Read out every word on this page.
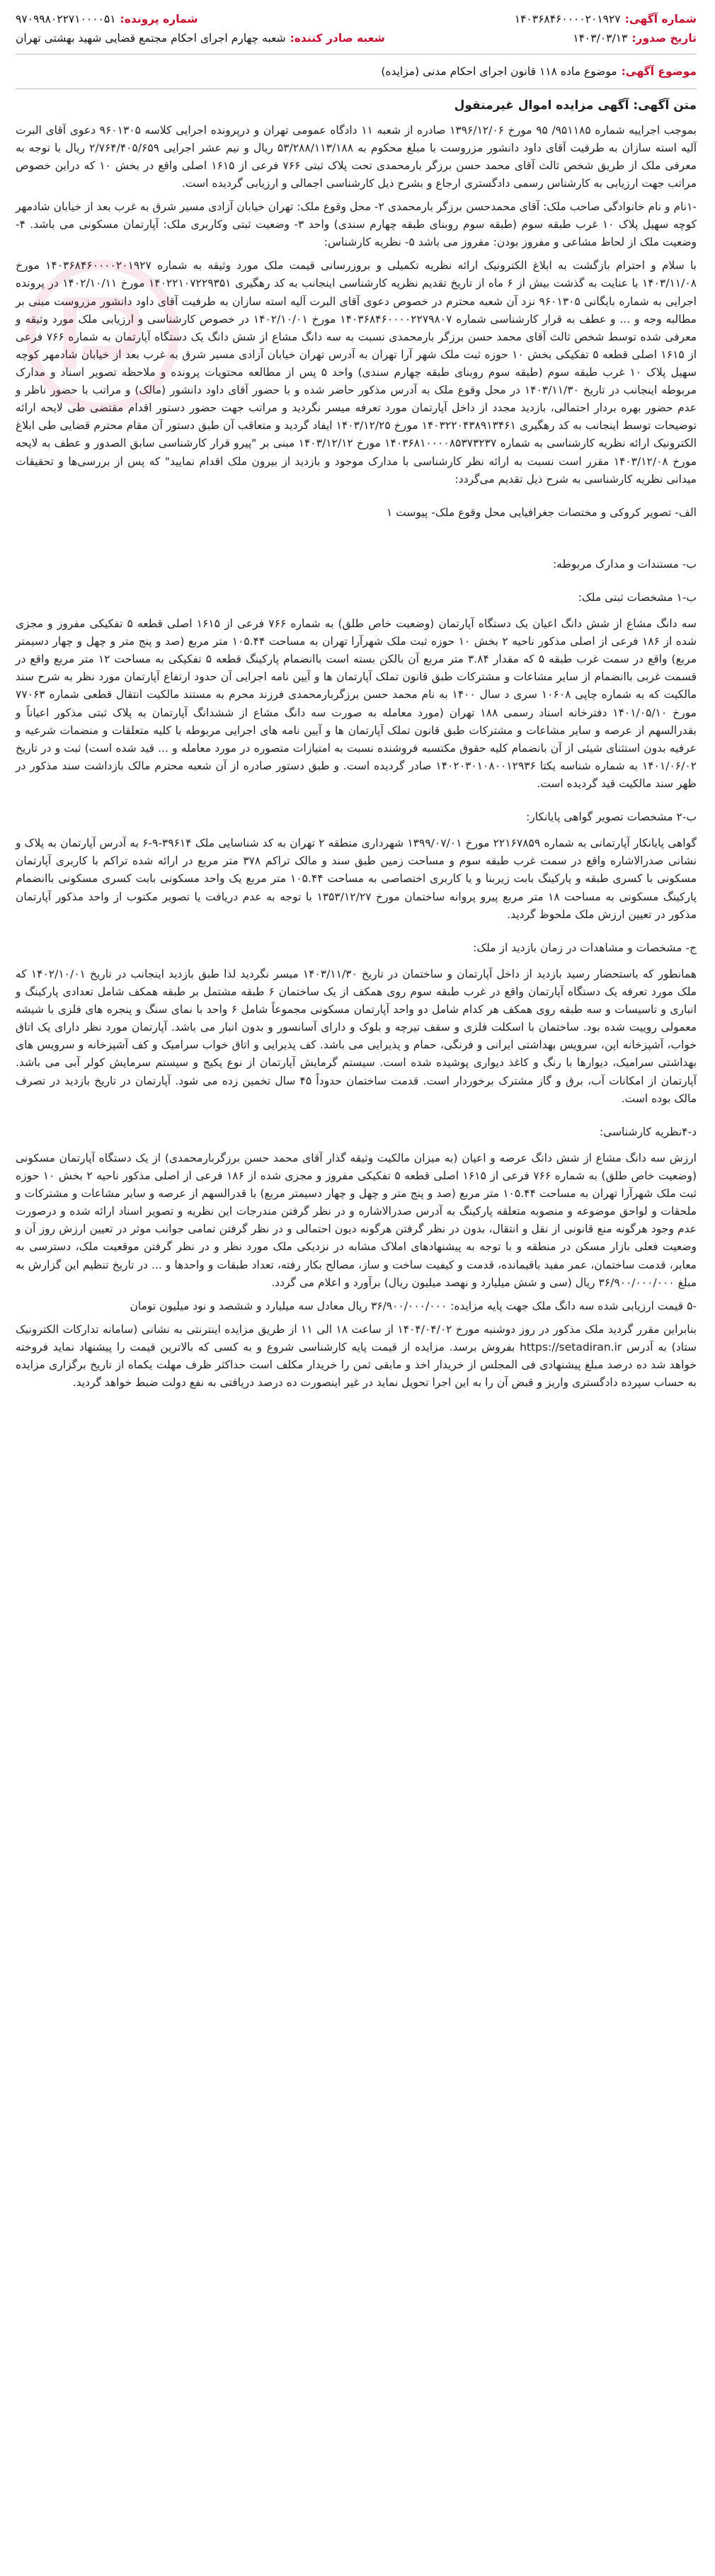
شماره آگهی:
۱۴۰۳۶۸۴۶۰۰۰۰۲۰۱۹۲۷
شماره پرونده:
۹۷۰۹۹۸۰۲۲۷۱۰۰۰۰۵۱
تاریخ صدور:
۱۴۰۳/۰۳/۱۳
شعبه صادر کننده:
شعبه چهارم اجرای احکام مجتمع قضایی شهید بهشتی تهران
موضوع آگهی:
موضوع ماده ۱۱۸ قانون اجرای احکام مدنی (مزایده)
متن آگهی: آگهی مزایده اموال غیرمنقول

بموجب اجراییه شماره ۹۵۱۱۸۵/ ۹۵ مورخ ۱۳۹۶/۱۲/۰۶ صادره از شعبه ۱۱ دادگاه عمومی تهران و درپرونده اجرایی کلاسه ۹۶۰۱۳۰۵ دعوی آقای البرت آلیه استه سازان به طرفیت آقای داود دانشور مزروست با مبلغ محکوم به ۵۳/۲۸۸/۱۱۳/۱۸۸ ریال و نیم عشر اجرایی ۲/۷۶۴/۴۰۵/۶۵۹ ریال با توجه به معرفی ملک از طریق شخص ثالث آقای محمد حسن برزگر بارمحمدی تحت پلاک ثبتی ۷۶۶ فرعی از ۱۶۱۵ اصلی واقع در بخش ۱۰ که دراین خصوص مراتب جهت ارزیابی به کارشناس رسمی دادگستری ارجاع و بشرح ذیل کارشناسی اجمالی و ارزیابی گردیده است.

-۱نام و نام خانوادگی صاحب ملک: آقای محمدحسن برزگر بارمحمدی ۲- محل وقوع ملک: تهران خیابان آزادی مسیر شرق به غرب بعد از خیابان شادمهر کوچه سهیل پلاک ۱۰ غرب طبقه سوم (طبقه سوم روبنای طبقه چهارم سندی) واحد ۳- وضعیت ثبتی وکاربری ملک: آپارتمان مسکونی می باشد. ۴- وضعیت ملک از لحاظ مشاعی و مفروز بودن: مفروز می باشد ۵- نظریه کارشناس:

با سلام و احترام بازگشت به ابلاغ الکترونیک ارائه نظریه تکمیلی و بروزرسانی قیمت ملک مورد وثیقه به شماره ۱۴۰۳۶۸۴۶۰۰۰۰۲۰۱۹۲۷ مورخ ۱۴۰۳/۱۱/۰۸ با عنایت به گذشت بیش از ۶ ماه از تاریخ تقدیم نظریه کارشناسی اینجانب به کد رهگیری ۱۴۰۲۲۱۰۷۲۲۹۳۵۱ مورخ ۱۴۰۲/۱۰/۱۱ در پرونده اجرایی به شماره بایگانی ۹۶۰۱۳۰۵ نزد آن شعبه محترم در خصوص دعوی آقای البرت آلیه استه سازان به طرفیت آقای داود دانشور مزروست مبنی بر مطالبه وجه و ... و عطف به قرار کارشناسی شماره ۱۴۰۳۶۸۴۶۰۰۰۰۲۲۷۹۸۰۷ مورخ ۱۴۰۲/۱۰/۰۱ در خصوص کارشناسی و ارزیابی ملک مورد وثیقه و معرفی شده توسط شخص ثالث آقای محمد حسن برزگر بارمحمدی نسبت به سه دانگ مشاع از شش دانگ یک دستگاه آپارتمان به شماره ۷۶۶ فرعی از ۱۶۱۵ اصلی قطعه ۵ تفکیکی بخش ۱۰ حوزه ثبت ملک شهر آرا تهران به آدرس تهران خیابان آزادی مسیر شرق به غرب بعد از خیابان شادمهر کوچه سهیل پلاک ۱۰ غرب طبقه سوم (طبقه سوم روبنای طبقه چهارم سندی) واحد ۵ پس از مطالعه محتویات پرونده و ملاحظه تصویر اسناد و مدارک مربوطه اینجانب در تاریخ ۱۴۰۳/۱۱/۳۰ در محل وقوع ملک به آدرس مذکور حاضر شده و با حضور آقای داود دانشور (مالک) و مراتب با حضور ناظر و عدم حضور بهره بردار احتمالی، بازدید مجدد از داخل آپارتمان مورد تعرفه میسر نگردید و مراتب جهت حضور دستور اقدام مقتضی طی لایحه ارائه توضیحات توسط اینجانب به کد رهگیری ۱۴۰۳۲۲۰۴۳۸۹۱۳۴۶۱ مورخ ۱۴۰۳/۱۲/۲۵ ایفاد گردید و متعاقب آن طبق دستور آن مقام محترم قضایی طی ابلاغ الکترونیک ارائه نظریه کارشناسی به شماره ۱۴۰۳۶۸۱۰۰۰۰۸۵۳۷۳۲۳۷ مورخ ۱۴۰۳/۱۲/۱۲ مبنی بر "پیرو قرار کارشناسی سابق الصدور و عطف به لایحه مورخ ۱۴۰۳/۱۲/۰۸ مقرر است نسبت به ارائه نظر کارشناسی با مدارک موجود و بازدید از بیرون ملک اقدام نمایید" که پس از بررسی‌ها و تحقیقات میدانی نظریه کارشناسی به شرح ذیل تقدیم می‌گردد:

الف- تصویر کروکی و مختصات جغرافیایی محل وقوع ملک- پیوست ۱
ب- مستندات و مدارک مربوطه:
ب-۱ مشخصات ثبتی ملک:

سه دانگ مشاع از شش دانگ اعیان یک دستگاه آپارتمان (وضعیت خاص طلق) به شماره ۷۶۶ فرعی از ۱۶۱۵ اصلی قطعه ۵ تفکیکی مفروز و مجزی شده از ۱۸۶ فرعی از اصلی مذکور ناحیه ۲ بخش ۱۰ حوزه ثبت ملک شهرآرا تهران به مساحت ۱۰۵.۴۴ متر مربع (صد و پنج متر و چهل و چهار دسیمتر مربع) واقع در سمت غرب طبقه ۵ که مقدار ۳.۸۴ متر مربع آن بالکن بسته است باانضمام پارکینگ قطعه ۵ تفکیکی به مساحت ۱۲ متر مربع واقع در قسمت غربی باانضمام از سایر مشاعات و مشترکات طبق قانون تملک آپارتمان ها و آیین نامه اجرایی آن حدود ارتفاع آپارتمان مورد نظر به شرح سند مالکیت که به شماره چاپی ۱۰۶۰۸ سری د سال ۱۴۰۰ به نام محمد حسن برزگربارمحمدی فرزند محرم به مستند مالکیت انتقال قطعی شماره ۷۷۰۶۳ مورخ ۱۴۰۱/۰۵/۱۰ دفترخانه اسناد رسمی ۱۸۸ تهران (مورد معامله به صورت سه دانگ مشاع از ششدانگ آپارتمان به پلاک ثبتی مذکور اعیاناً و بقدرالسهم از عرصه و سایر مشاعات و مشترکات طبق قانون تملک آپارتمان ها و آیین نامه های اجرایی مربوطه با کلیه متعلقات و منضمات شرعیه و عرفیه بدون استثنای شیئی از آن بانضمام کلیه حقوق مکتسبه فروشنده نسبت به امتیازات متصوره در مورد معامله و ... قید شده است) ثبت و در تاریخ ۱۴۰۱/۰۶/۰۲ به شماره شناسه یکتا ۱۴۰۲۰۳۰۱۰۸۰۰۱۲۹۳۶ صادر گردیده است. و طبق دستور صادره از آن شعبه محترم مالک بازداشت سند مذکور در ظهر سند مالکیت قید گردیده است.

ب-۲ مشخصات تصویر گواهی پایانکار:

گواهی پایانکار آپارتمانی به شماره ۲۲۱۶۷۸۵۹ مورخ ۱۳۹۹/۰۷/۰۱ شهرداری منطقه ۲ تهران به کد شناسایی ملک ۳۹۶۱۴-۹-۶ به آدرس آپارتمان به پلاک و نشانی صدرالاشاره واقع در سمت غرب طبقه سوم و مساحت زمین طبق سند و مالک تراکم ۳۷۸ متر مربع در ارائه شده تراکم با کاربری آپارتمان مسکونی با کسری طبقه و پارکینگ بابت زیربنا و یا کاربری اختصاصی به مساحت ۱۰۵.۴۴ متر مربع یک واحد مسکونی بابت کسری مسکونی باانضمام پارکینگ مسکونی به مساحت ۱۸ متر مربع پیرو پروانه ساختمان مورخ ۱۳۵۳/۱۲/۲۷ با توجه به عدم دریافت یا تصویر مکتوب از واحد مذکور آپارتمان مذکور در تعیین ارزش ملک ملحوظ گردید.

ج- مشخصات و مشاهدات در زمان بازدید از ملک:

همانطور که باستحضار رسید بازدید از داخل آپارتمان و ساختمان در تاریخ ۱۴۰۳/۱۱/۳۰ میسر نگردید لذا طبق بازدید اینجانب در تاریخ ۱۴۰۲/۱۰/۰۱ که ملک مورد تعرفه یک دستگاه آپارتمان واقع در غرب طبقه سوم روی همکف از یک ساختمان ۶ طبقه مشتمل بر طبقه همکف شامل تعدادی پارکینگ و انباری و تاسیسات و سه طبقه روی همکف هر کدام شامل دو واحد آپارتمان مسکونی مجموعاً شامل ۶ واحد با نمای سنگ و پنجره های فلزی با شیشه معمولی روییت شده بود. ساختمان با اسکلت فلزی و سقف تیرچه و بلوک و دارای آسانسور و بدون انبار می باشد. آپارتمان مورد نظر دارای یک اتاق خواب، آشپزخانه اپن، سرویس بهداشتی ایرانی و فرنگی، حمام و پذیرایی می باشد. کف پذیرایی و اتاق خواب سرامیک و کف آشپزخانه و سرویس های بهداشتی سرامیک، دیوارها با رنگ و کاغذ دیواری پوشیده شده است. سیستم گرمایش آپارتمان از نوع پکیج و سیستم سرمایش کولر آبی می باشد. آپارتمان از امکانات آب، برق و گاز مشترک برخوردار است. قدمت ساختمان حدوداً ۴۵ سال تخمین زده می شود. آپارتمان در تاریخ بازدید در تصرف مالک بوده است.

د-۴نظریه کارشناسی:

ارزش سه دانگ مشاع از شش دانگ عرصه و اعیان (به میزان مالکیت وثیقه گذار آقای محمد حسن برزگربارمحمدی) از یک دستگاه آپارتمان مسکونی (وضعیت خاص طلق) به شماره ۷۶۶ فرعی از ۱۶۱۵ اصلی قطعه ۵ تفکیکی مفروز و مجزی شده از ۱۸۶ فرعی از اصلی مذکور ناحیه ۲ بخش ۱۰ حوزه ثبت ملک شهرآرا تهران به مساحت ۱۰۵.۴۴ متر مربع (صد و پنج متر و چهل و چهار دسیمتر مربع) با قدرالسهم از عرصه و سایر مشاعات و مشترکات و ملحقات و لواحق موضوعه و منصوبه متعلقه پارکینگ به آدرس صدرالاشاره و در نظر گرفتن مندرجات این نظریه و تصویر اسناد ارائه شده و درصورت عدم وجود هرگونه منع قانونی از نقل و انتقال، بدون در نظر گرفتن هرگونه دیون احتمالی و در نظر گرفتن تمامی جوانب موثر در تعیین ارزش روز آن و وضعیت فعلی بازار مسکن در منطقه و با توجه به پیشنهادهای املاک مشابه در نزدیکی ملک مورد نظر و در نظر گرفتن موقعیت ملک، دسترسی به معابر، قدمت ساختمان، عمر مفید باقیمانده، قدمت و کیفیت ساخت و ساز، مصالح بکار رفته، تعداد طبقات و واحدها و ... در تاریخ تنظیم این گزارش به مبلغ ۳۶/۹۰۰/۰۰۰/۰۰۰ ریال (سی و شش میلیارد و نهصد میلیون ریال) برآورد و اعلام می گردد.

-۵ قیمت ارزیابی شده سه دانگ ملک جهت پایه مزایده: ۳۶/۹۰۰/۰۰۰/۰۰۰ ریال معادل سه میلیارد و ششصد و نود میلیون تومان

بنابراین مقرر گردید ملک مذکور در روز دوشنبه مورخ ۱۴۰۴/۰۴/۰۲ از ساعت ۱۸ الی ۱۱ از طریق مزایده اینترنتی به نشانی (سامانه تدارکات الکترونیک ستاد) به آدرس https://setadiran.ir بفروش برسد. مزایده از قیمت پایه کارشناسی شروع و به کسی که بالاترین قیمت را پیشنهاد نماید فروخته خواهد شد ده درصد مبلغ پیشنهادی فی المجلس از خریدار اخذ و مابقی ثمن را خریدار مکلف است حداکثر ظرف مهلت یکماه از تاریخ برگزاری مزایده به حساب سپرده دادگستری واریز و قبض آن را به این اجرا تحویل نماید در غیر اینصورت ده درصد دریافتی به نفع دولت ضبط خواهد گردید.
